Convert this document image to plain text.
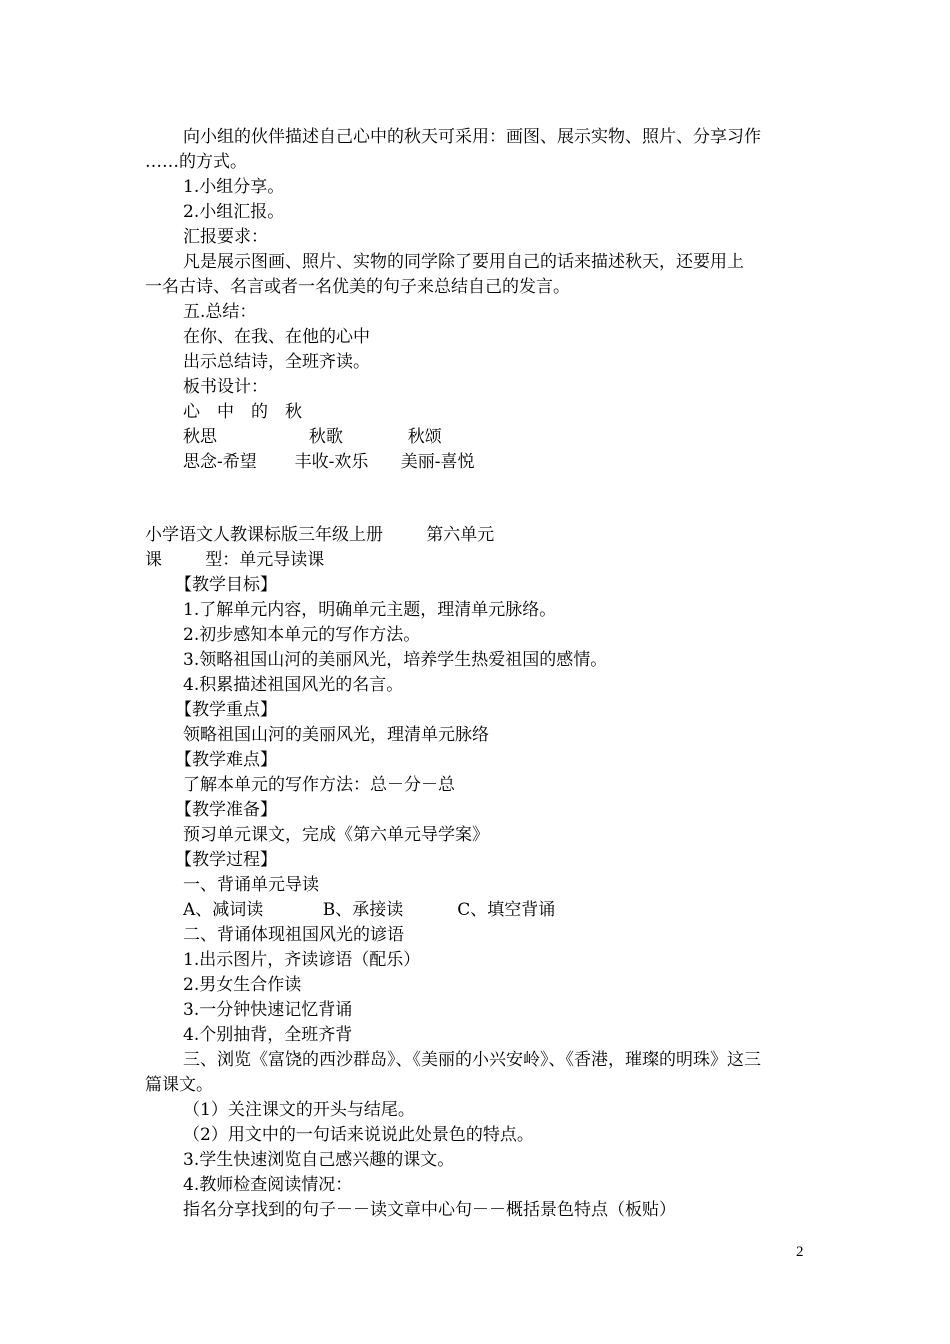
向小组的伙伴描述自己心中的秋天可采用：画图、展示实物、照片、分享习作
……的方式。
1.小组分享。
2.小组汇报。
汇报要求：
凡是展示图画、照片、实物的同学除了要用自己的话来描述秋天，还要用上
一名古诗、名言或者一名优美的句子来总结自己的发言。
五.总结：
在你、在我、在他的心中
出示总结诗，全班齐读。
板书设计：
心　中　的　秋
秋思                 秋歌            秋颂
思念-希望       丰收-欢乐      美丽-喜悦
小学语文人教课标版三年级上册        第六单元
课        型：单元导读课
【教学目标】
1.了解单元内容，明确单元主题，理清单元脉络。
2.初步感知本单元的写作方法。
3.领略祖国山河的美丽风光，培养学生热爱祖国的感情。
4.积累描述祖国风光的名言。
【教学重点】
领略祖国山河的美丽风光，理清单元脉络
【教学难点】
了解本单元的写作方法：总－分－总
【教学准备】
预习单元课文，完成《第六单元导学案》
【教学过程】
一、背诵单元导读
A、减词读           B、承接读          C、填空背诵
二、背诵体现祖国风光的谚语
1.出示图片，齐读谚语（配乐）
2.男女生合作读
3.一分钟快速记忆背诵
4.个别抽背，全班齐背
三、浏览《富饶的西沙群岛》、《美丽的小兴安岭》、《香港，璀璨的明珠》这三
篇课文。
（1）关注课文的开头与结尾。
（2）用文中的一句话来说说此处景色的特点。
3.学生快速浏览自己感兴趣的课文。
4.教师检查阅读情况：
指名分享找到的句子－－读文章中心句－－概括景色特点（板贴）
2
